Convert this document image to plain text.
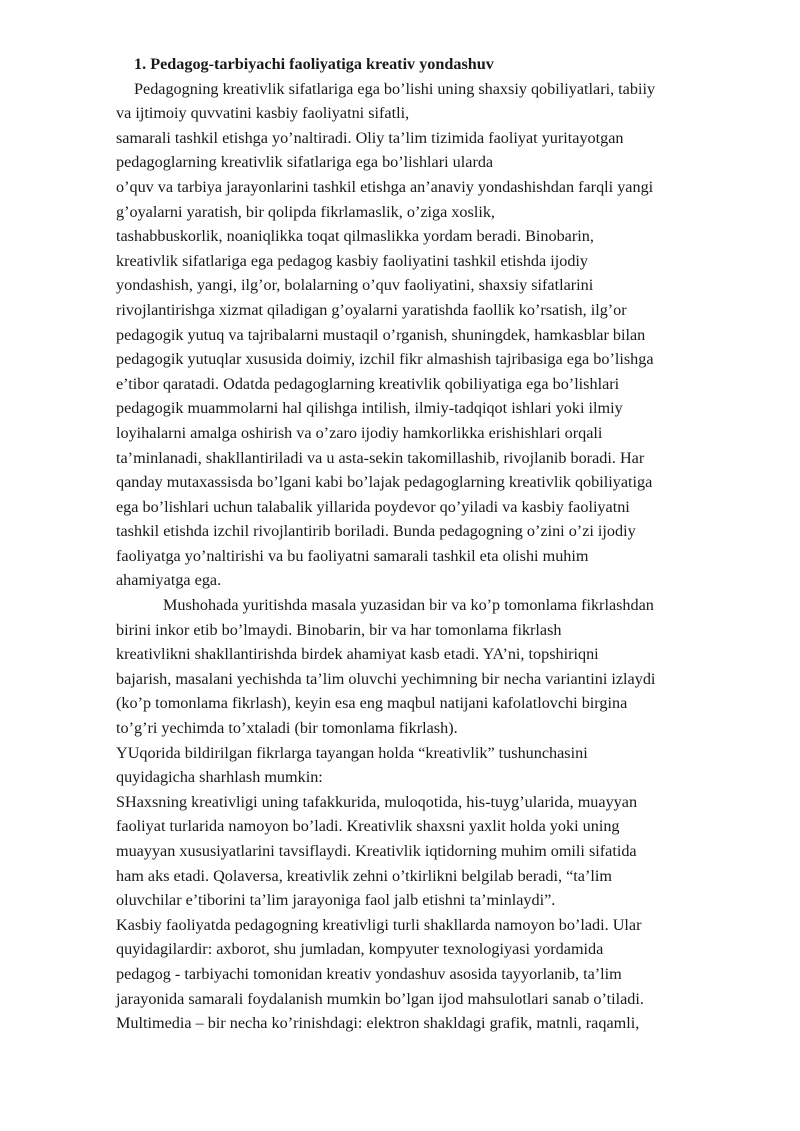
1. Pedagog-tarbiyachi faoliyatiga kreativ yondashuv
Pedagogning kreativlik sifatlariga ega bo’lishi uning shaxsiy qobiliyatlari, tabiiy
va ijtimoiy quvvatini kasbiy faoliyatni sifatli,
samarali tashkil etishga yo’naltiradi. Oliy ta’lim tizimida faoliyat yuritayotgan
pedagoglarning kreativlik sifatlariga ega bo’lishlari ularda
o’quv va tarbiya jarayonlarini tashkil etishga an’anaviy yondashishdan farqli yangi
g’oyalarni yaratish, bir qolipda fikrlamaslik, o’ziga xoslik,
tashabbuskorlik, noaniqlikka toqat qilmaslikka yordam beradi. Binobarin,
kreativlik sifatlariga ega pedagog kasbiy faoliyatini tashkil etishda ijodiy
yondashish, yangi, ilg’or, bolalarning o’quv faoliyatini, shaxsiy sifatlarini
rivojlantirishga xizmat qiladigan g’oyalarni yaratishda faollik ko’rsatish, ilg’or
pedagogik yutuq va tajribalarni mustaqil o’rganish, shuningdek, hamkasblar bilan
pedagogik yutuqlar xususida doimiy, izchil fikr almashish tajribasiga ega bo’lishga
e’tibor qaratadi. Odatda pedagoglarning kreativlik qobiliyatiga ega bo’lishlari
pedagogik muammolarni hal qilishga intilish, ilmiy-tadqiqot ishlari yoki ilmiy
loyihalarni amalga oshirish va o’zaro ijodiy hamkorlikka erishishlari orqali
ta’minlanadi, shakllantiriladi va u asta-sekin takomillashib, rivojlanib boradi. Har
qanday mutaxassisda bo’lgani kabi bo’lajak pedagoglarning kreativlik qobiliyatiga
ega bo’lishlari uchun talabalik yillarida poydevor qo’yiladi va kasbiy faoliyatni
tashkil etishda izchil rivojlantirib boriladi. Bunda pedagogning o’zini o’zi ijodiy
faoliyatga yo’naltirishi va bu faoliyatni samarali tashkil eta olishi muhim
ahamiyatga ega.
Mushohada yuritishda masala yuzasidan bir va ko’p tomonlama fikrlashdan
birini inkor etib bo’lmaydi. Binobarin, bir va har tomonlama fikrlash
kreativlikni shakllantirishda birdek ahamiyat kasb etadi. YA’ni, topshiriqni
bajarish, masalani yechishda ta’lim oluvchi yechimning bir necha variantini izlaydi
(ko’p tomonlama fikrlash), keyin esa eng maqbul natijani kafolatlovchi birgina
to’g’ri yechimda to’xtaladi (bir tomonlama fikrlash).
YUqorida bildirilgan fikrlarga tayangan holda “kreativlik” tushunchasini
quyidagicha sharhlash mumkin:
SHaxsning kreativligi uning tafakkurida, muloqotida, his-tuyg’ularida, muayyan
faoliyat turlarida namoyon bo’ladi. Kreativlik shaxsni yaxlit holda yoki uning
muayyan xususiyatlarini tavsiflaydi. Kreativlik iqtidorning muhim omili sifatida
ham aks etadi. Qolaversa, kreativlik zehni o’tkirlikni belgilab beradi, “ta’lim
oluvchilar e’tiborini ta’lim jarayoniga faol jalb etishni ta’minlaydi”.
Kasbiy faoliyatda pedagogning kreativligi turli shakllarda namoyon bo’ladi. Ular
quyidagilardir: axborot, shu jumladan, kompyuter texnologiyasi yordamida
pedagog - tarbiyachi tomonidan kreativ yondashuv asosida tayyorlanib, ta’lim
jarayonida samarali foydalanish mumkin bo’lgan ijod mahsulotlari sanab o’tiladi.
Multimedia – bir necha ko’rinishdagi: elektron shakldagi grafik, matnli, raqamli,
